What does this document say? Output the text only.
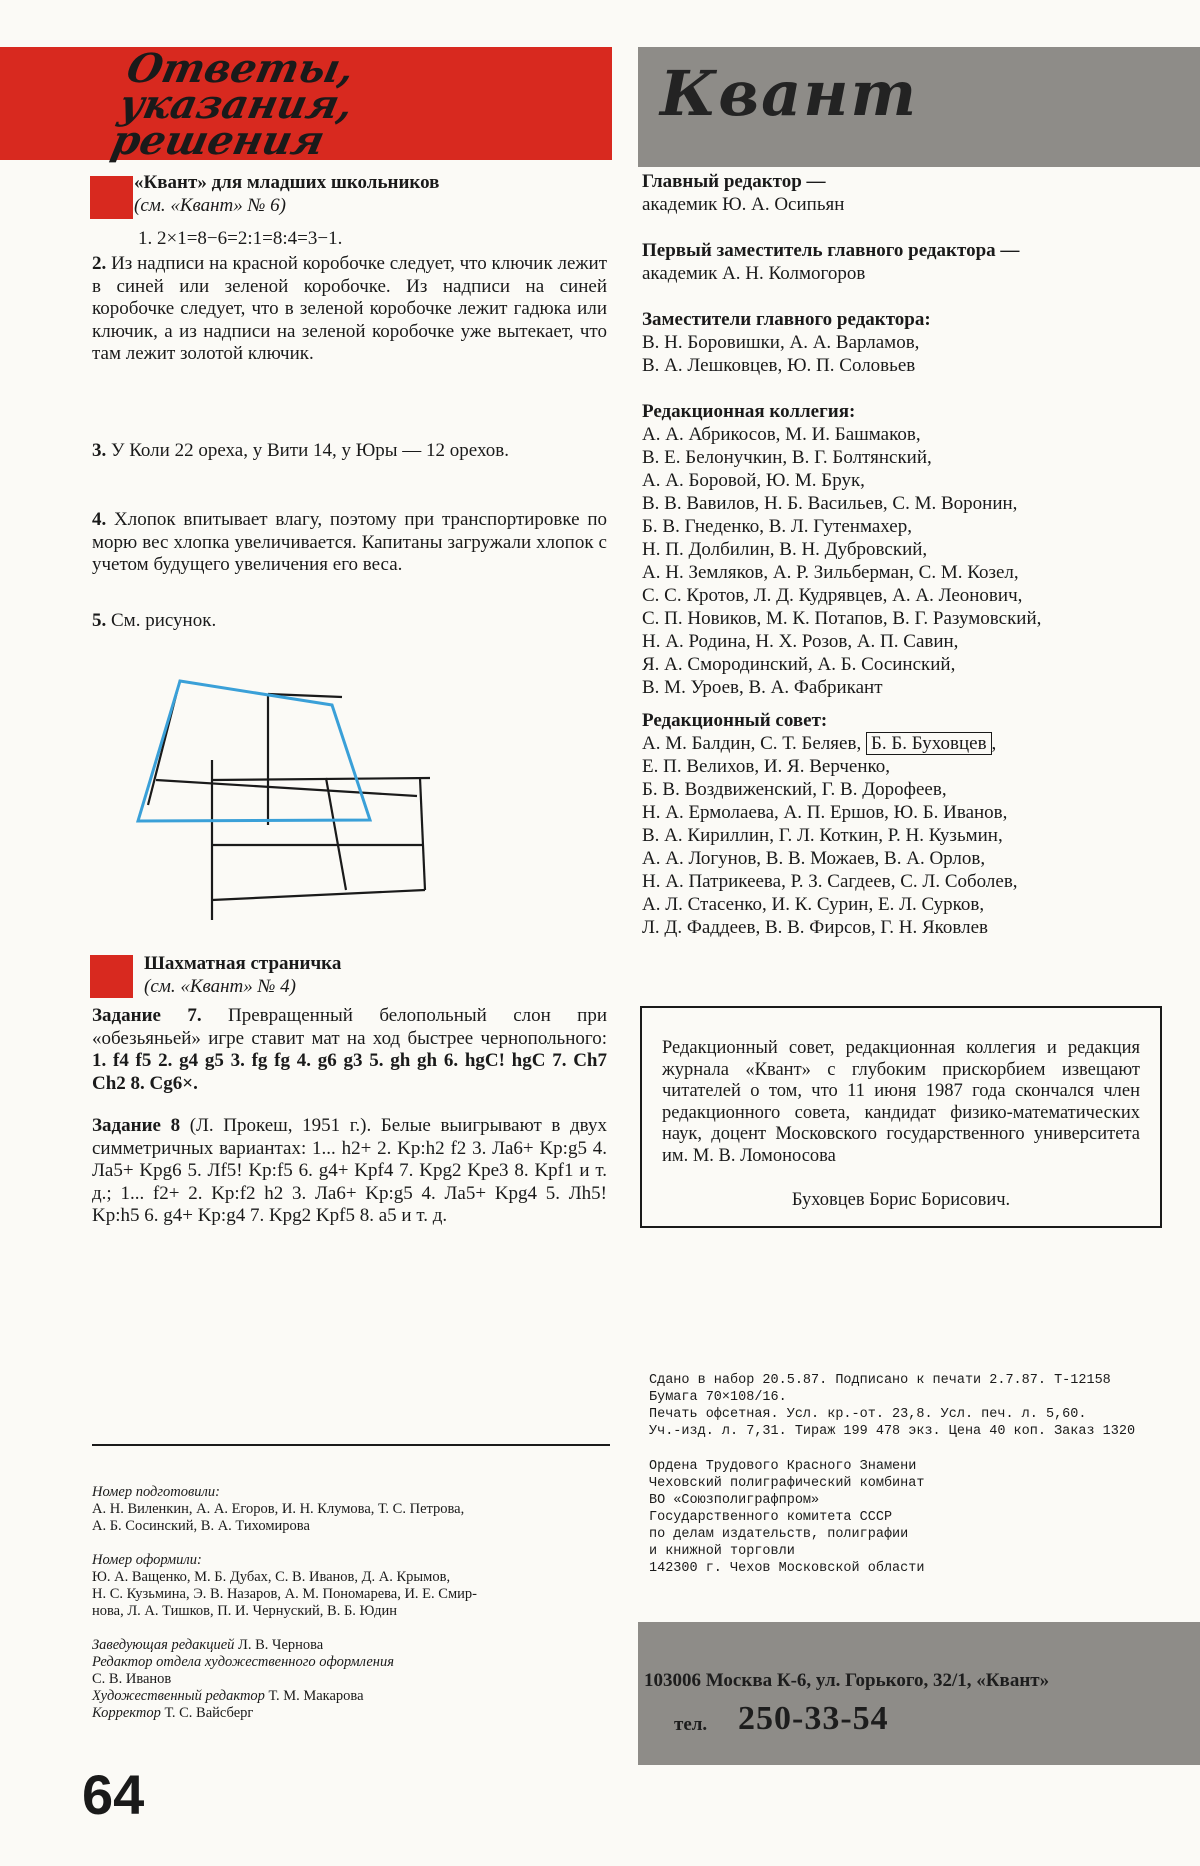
Ответы, указания, решения
Квант
«Квант» для младших школьников
(см. «Квант» № 6)
1. 2×1=8−6=2:1=8:4=3−1.
2. Из надписи на красной коробочке следует, что ключик лежит в синей или зеленой коробочке. Из надписи на синей коробочке следует, что в зеленой коробочке лежит гадюка или ключик, а из надписи на зеленой коробочке уже вытекает, что там лежит золотой ключик.
3. У Коли 22 ореха, у Вити 14, у Юры — 12 орехов.
4. Хлопок впитывает влагу, поэтому при транспортировке по морю вес хлопка увеличивается. Капитаны загружали хлопок с учетом будущего увеличения его веса.
5. См. рисунок.
Шахматная страничка
(см. «Квант» № 4)
Задание 7. Превращенный белопольный слон при «обезьяньей» игре ставит мат на ход быстрее чернопольного: 1. f4 f5 2. g4 g5 3. fg fg 4. g6 g3 5. gh gh 6. hgC! hgC 7. Ch7 Ch2 8. Cg6×.
Задание 8 (Л. Прокеш, 1951 г.). Белые выигрывают в двух симметричных вариантах: 1... h2+ 2. Kp:h2 f2 3. Ла6+ Kp:g5 4. Ла5+ Kpg6 5. Лf5! Kp:f5 6. g4+ Kpf4 7. Kpg2 Kpe3 8. Kpf1 и т. д.; 1... f2+ 2. Kp:f2 h2 3. Ла6+ Kp:g5 4. Ла5+ Kpg4 5. Лh5! Kp:h5 6. g4+ Kp:g4 7. Kpg2 Kpf5 8. a5 и т. д.
Главный редактор —
академик Ю. А. Осипьян
Первый заместитель главного редактора —
академик А. Н. Колмогоров
Заместители главного редактора:
В. Н. Боровишки, А. А. Варламов,
В. А. Лешковцев, Ю. П. Соловьев
Редакционная коллегия:
А. А. Абрикосов, М. И. Башмаков,
В. Е. Белонучкин, В. Г. Болтянский,
А. А. Боровой, Ю. М. Брук,
В. В. Вавилов, Н. Б. Васильев, С. М. Воронин,
Б. В. Гнеденко, В. Л. Гутенмахер,
Н. П. Долбилин, В. Н. Дубровский,
А. Н. Земляков, А. Р. Зильберман, С. М. Козел,
С. С. Кротов, Л. Д. Кудрявцев, А. А. Леонович,
С. П. Новиков, М. К. Потапов, В. Г. Разумовский,
Н. А. Родина, Н. Х. Розов, А. П. Савин,
Я. А. Смородинский, А. Б. Сосинский,
В. М. Уроев, В. А. Фабрикант
Редакционный совет:
А. М. Балдин, С. Т. Беляев, Б. Б. Буховцев ,
Е. П. Велихов, И. Я. Верченко,
Б. В. Воздвиженский, Г. В. Дорофеев,
Н. А. Ермолаева, А. П. Ершов, Ю. Б. Иванов,
В. А. Кириллин, Г. Л. Коткин, Р. Н. Кузьмин,
А. А. Логунов, В. В. Можаев, В. А. Орлов,
Н. А. Патрикеева, Р. З. Сагдеев, С. Л. Соболев,
А. Л. Стасенко, И. К. Сурин, Е. Л. Сурков,
Л. Д. Фаддеев, В. В. Фирсов, Г. Н. Яковлев
Редакционный совет, редакционная коллегия и редакция журнала «Квант» с глубоким прискорбием извещают читателей о том, что 11 июня 1987 года скончался член редакционного совета, кандидат физико-математических наук, доцент Московского государственного университета им. М. В. Ломоносова
Буховцев Борис Борисович.
Сдано в набор 20.5.87. Подписано к печати 2.7.87. Т-12158
Бумага 70×108/16.
Печать офсетная. Усл. кр.-от. 23,8. Усл. печ. л. 5,60.
Уч.-изд. л. 7,31. Тираж 199 478 экз. Цена 40 коп. Заказ 1320
Ордена Трудового Красного Знамени
Чеховский полиграфический комбинат
ВО «Союзполиграфпром»
Государственного комитета СССР
по делам издательств, полиграфии
и книжной торговли
142300 г. Чехов Московской области
Номер подготовили:
А. Н. Виленкин, А. А. Егоров, И. Н. Клумова, Т. С. Петрова,
А. Б. Сосинский, В. А. Тихомирова
Номер оформили:
Ю. А. Ващенко, М. Б. Дубах, С. В. Иванов, Д. А. Крымов,
Н. С. Кузьмина, Э. В. Назаров, А. М. Пономарева, И. Е. Смир-
нова, Л. А. Тишков, П. И. Чернуский, В. Б. Юдин
Заведующая редакцией Л. В. Чернова
Редактор отдела художественного оформления
С. В. Иванов
Художественный редактор Т. М. Макарова
Корректор Т. С. Вайсберг
103006 Москва К-6, ул. Горького, 32/1, «Квант»
тел. 250-33-54
64
